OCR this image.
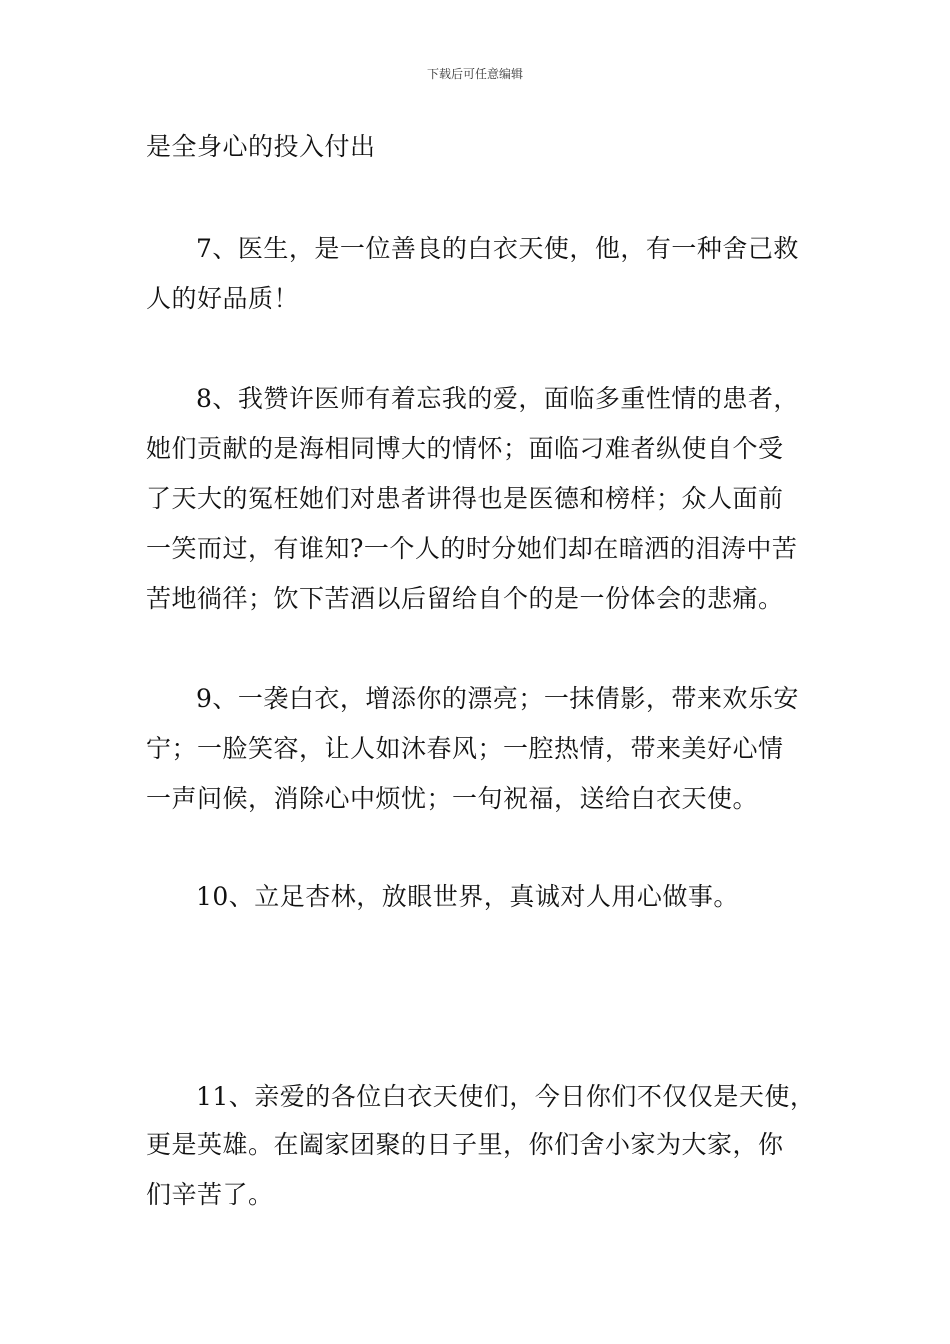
下载后可任意编辑
是全身心的投入付出
7、医生，是一位善良的白衣天使，他，有一种舍己救
人的好品质！
8、我赞许医师有着忘我的爱，面临多重性情的患者，
她们贡献的是海相同博大的情怀；面临刁难者纵使自个受
了天大的冤枉她们对患者讲得也是医德和榜样；众人面前
一笑而过，有谁知?一个人的时分她们却在暗洒的泪涛中苦
苦地徜徉；饮下苦酒以后留给自个的是一份体会的悲痛。
9、一袭白衣，增添你的漂亮；一抹倩影，带来欢乐安
宁；一脸笑容，让人如沐春风；一腔热情，带来美好心情
一声问候，消除心中烦忧；一句祝福，送给白衣天使。
10、立足杏林，放眼世界，真诚对人用心做事。
11、亲爱的各位白衣天使们，今日你们不仅仅是天使，
更是英雄。在阖家团聚的日子里，你们舍小家为大家，你
们辛苦了。
